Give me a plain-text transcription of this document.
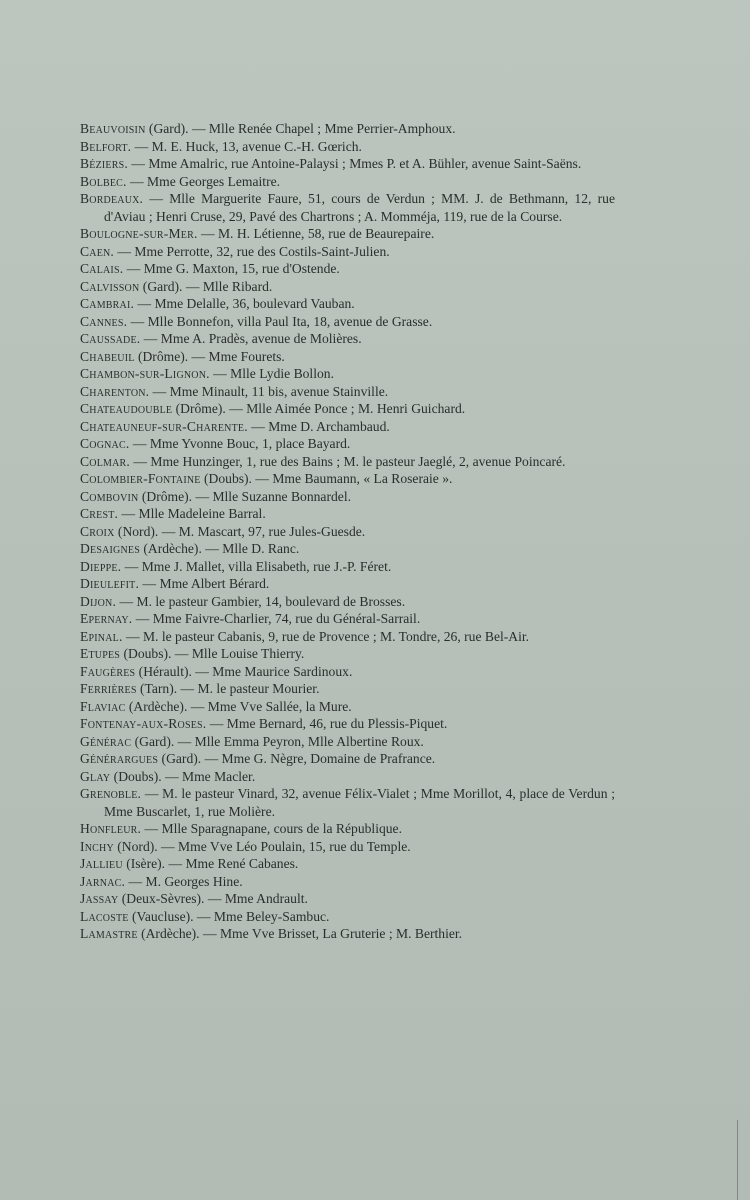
Beauvoisin (Gard). — Mlle Renée Chapel ; Mme Perrier-Amphoux.

Belfort. — M. E. Huck, 13, avenue C.-H. Gœrich.

Béziers. — Mme Amalric, rue Antoine-Palaysi ; Mmes P. et A. Bühler, avenue Saint-Saëns.

Bolbec. — Mme Georges Lemaitre.

Bordeaux. — Mlle Marguerite Faure, 51, cours de Verdun ; MM. J. de Bethmann, 12, rue d'Aviau ; Henri Cruse, 29, Pavé des Chartrons ; A. Momméja, 119, rue de la Course.

Boulogne-sur-Mer. — M. H. Létienne, 58, rue de Beaurepaire.

Caen. — Mme Perrotte, 32, rue des Costils-Saint-Julien.

Calais. — Mme G. Maxton, 15, rue d'Ostende.

Calvisson (Gard). — Mlle Ribard.

Cambrai. — Mme Delalle, 36, boulevard Vauban.

Cannes. — Mlle Bonnefon, villa Paul Ita, 18, avenue de Grasse.

Caussade. — Mme A. Pradès, avenue de Molières.

Chabeuil (Drôme). — Mme Fourets.

Chambon-sur-Lignon. — Mlle Lydie Bollon.

Charenton. — Mme Minault, 11 bis, avenue Stainville.

Chateaudouble (Drôme). — Mlle Aimée Ponce ; M. Henri Guichard.

Chateauneuf-sur-Charente. — Mme D. Archambaud.

Cognac. — Mme Yvonne Bouc, 1, place Bayard.

Colmar. — Mme Hunzinger, 1, rue des Bains ; M. le pasteur Jaeglé, 2, avenue Poincaré.

Colombier-Fontaine (Doubs). — Mme Baumann, « La Roseraie ».

Combovin (Drôme). — Mlle Suzanne Bonnardel.

Crest. — Mlle Madeleine Barral.

Croix (Nord). — M. Mascart, 97, rue Jules-Guesde.

Desaignes (Ardèche). — Mlle D. Ranc.

Dieppe. — Mme J. Mallet, villa Elisabeth, rue J.-P. Féret.

Dieulefit. — Mme Albert Bérard.

Dijon. — M. le pasteur Gambier, 14, boulevard de Brosses.

Epernay. — Mme Faivre-Charlier, 74, rue du Général-Sarrail.

Epinal. — M. le pasteur Cabanis, 9, rue de Provence ; M. Tondre, 26, rue Bel-Air.

Etupes (Doubs). — Mlle Louise Thierry.

Faugères (Hérault). — Mme Maurice Sardinoux.

Ferrières (Tarn). — M. le pasteur Mourier.

Flaviac (Ardèche). — Mme Vve Sallée, la Mure.

Fontenay-aux-Roses. — Mme Bernard, 46, rue du Plessis-Piquet.

Générac (Gard). — Mlle Emma Peyron, Mlle Albertine Roux.

Générargues (Gard). — Mme G. Nègre, Domaine de Prafrance.

Glay (Doubs). — Mme Macler.

Grenoble. — M. le pasteur Vinard, 32, avenue Félix-Vialet ; Mme Morillot, 4, place de Verdun ; Mme Buscarlet, 1, rue Molière.

Honfleur. — Mlle Sparagnapane, cours de la République.

Inchy (Nord). — Mme Vve Léo Poulain, 15, rue du Temple.

Jallieu (Isère). — Mme René Cabanes.

Jarnac. — M. Georges Hine.

Jassay (Deux-Sèvres). — Mme Andrault.

Lacoste (Vaucluse). — Mme Beley-Sambuc.

Lamastre (Ardèche). — Mme Vve Brisset, La Gruterie ; M. Berthier.
